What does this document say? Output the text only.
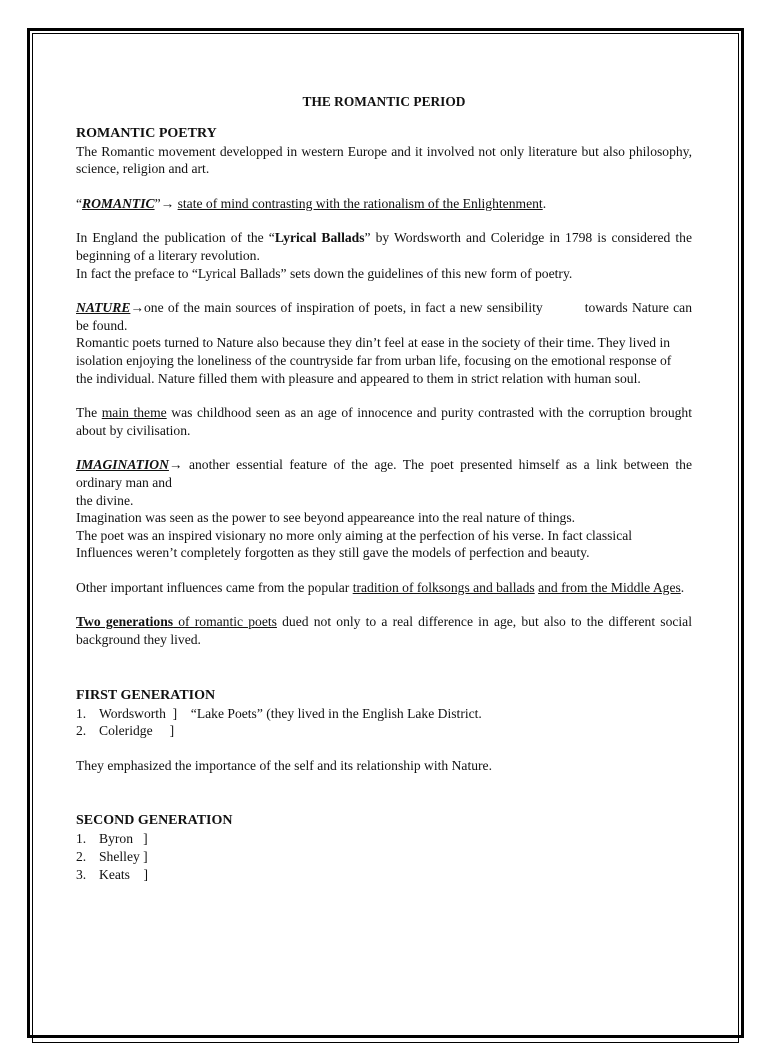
THE ROMANTIC PERIOD

ROMANTIC POETRY

The Romantic movement developped in western Europe and it involved not only literature but also philosophy, science, religion and art.

“ROMANTIC”→ state of mind contrasting with the rationalism of the Enlightenment.

In England the publication of the “Lyrical Ballads” by Wordsworth and Coleridge in 1798 is considered the beginning of a literary revolution.

In fact the preface to “Lyrical Ballads” sets down the guidelines of this new form of poetry.

NATURE→one of the main sources of inspiration of poets, in fact a new sensibility	towards Nature can be found.

Romantic poets turned to Nature also because they din’t feel at ease in the society of their time. They lived in

isolation enjoying the loneliness of the countryside far from urban life, focusing on the emotional response of

the individual. Nature filled them with pleasure and appeared to them in strict relation with human soul.

The main theme was childhood seen as an age of innocence and purity contrasted with the corruption brought about by civilisation.

IMAGINATION→ another essential feature of the age. The poet presented himself as a link between the ordinary man and

the divine.

Imagination was seen as the power to see beyond appeareance into the real nature of things.

The poet was an inspired visionary no more only aiming at the perfection of his verse. In fact classical

Influences weren’t completely forgotten as they still gave the models of perfection and beauty.

Other important influences came from the popular tradition of folksongs and ballads and from the Middle Ages.

Two generations of romantic poets dued not only to a real difference in age, but also to the different social background they lived.

FIRST GENERATION

1. Wordsworth  ]    “Lake Poets” (they lived in the English Lake District.
2. Coleridge     ]

They emphasized the importance of the self and its relationship with Nature.

SECOND GENERATION

1. Byron   ]
2. Shelley ]
3. Keats    ]
